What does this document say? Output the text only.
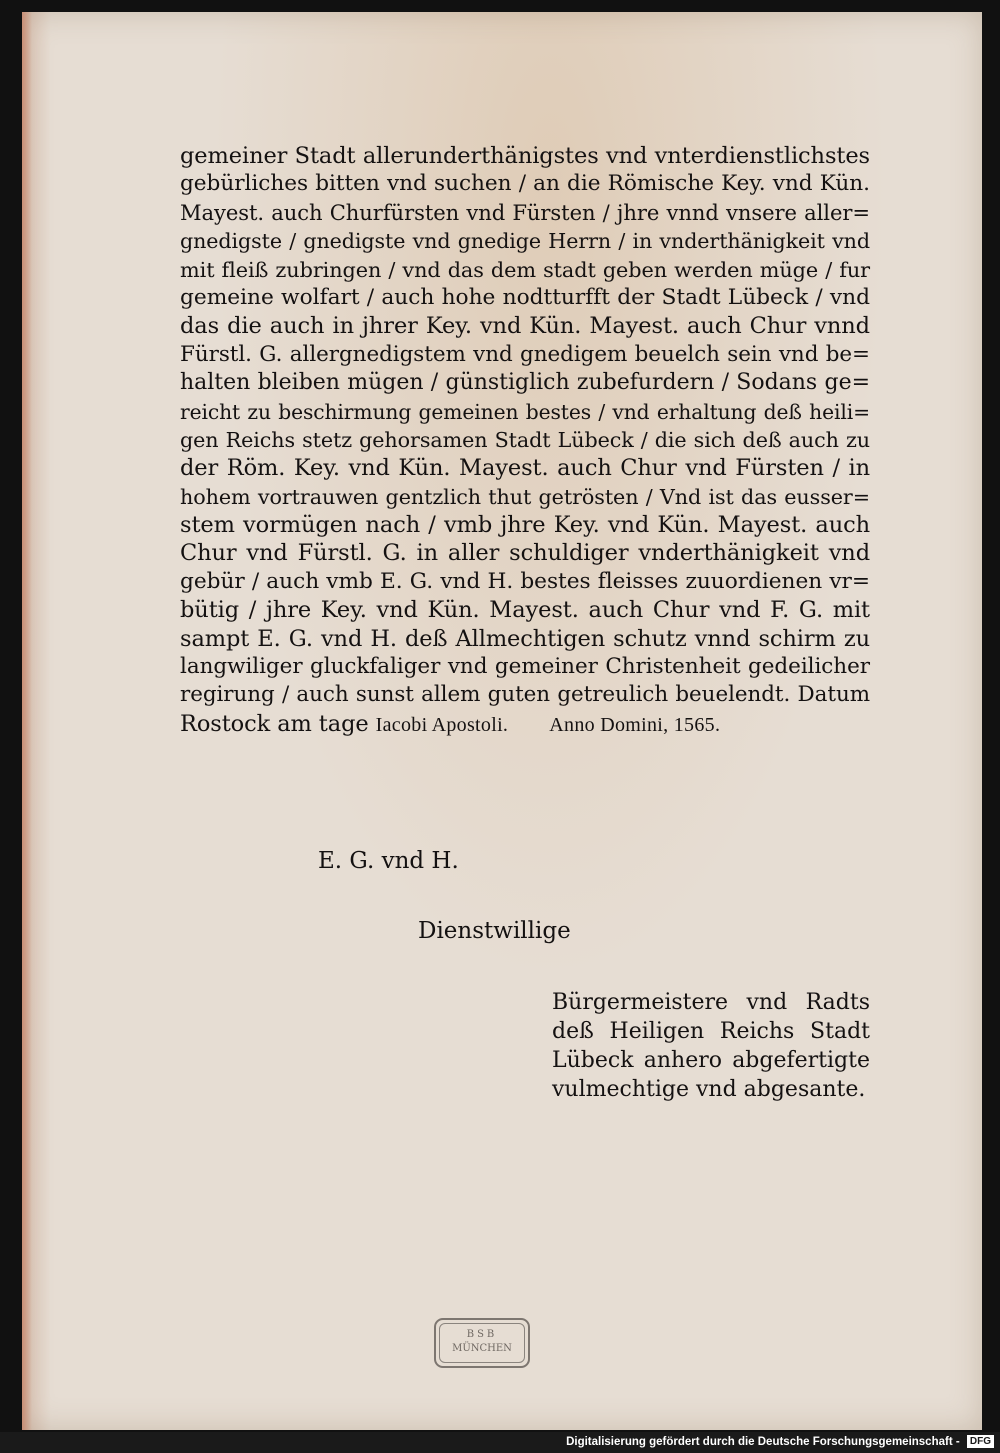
gemeiner Stadt allerunderthänigstes vnd vnterdienstlichstes
gebürliches bitten vnd suchen / an die Römische Key. vnd Kün.
Mayest. auch Churfürsten vnd Fürsten / jhre vnnd vnsere aller=
gnedigste / gnedigste vnd gnedige Herrn / in vnderthänigkeit vnd
mit fleiß zubringen / vnd das dem stadt geben werden müge / fur
gemeine wolfart / auch hohe nodtturfft der Stadt Lübeck / vnd
das die auch in jhrer Key. vnd Kün. Mayest. auch Chur vnnd
Fürstl. G. allergnedigstem vnd gnedigem beuelch sein vnd be=
halten bleiben mügen / günstiglich zubefurdern / Sodans ge=
reicht zu beschirmung gemeinen bestes / vnd erhaltung deß heili=
gen Reichs stetz gehorsamen Stadt Lübeck / die sich deß auch zu
der Röm. Key. vnd Kün. Mayest. auch Chur vnd Fürsten / in
hohem vortrauwen gentzlich thut getrösten / Vnd ist das eusser=
stem vormügen nach / vmb jhre Key. vnd Kün. Mayest. auch
Chur vnd Fürstl. G. in aller schuldiger vnderthänigkeit vnd
gebür / auch vmb E. G. vnd H. bestes fleisses zuuordienen vr=
bütig / jhre Key. vnd Kün. Mayest. auch Chur vnd F. G. mit
sampt E. G. vnd H. deß Allmechtigen schutz vnnd schirm zu
langwiliger gluckfaliger vnd gemeiner Christenheit gedeilicher
regirung / auch sunst allem guten getreulich beuelendt. Datum
Rostock am tage Iacobi Apostoli. Anno Domini, 1565.
E. G. vnd H.
Dienstwillige
Bürgermeistere vnd Radts
deß Heiligen Reichs Stadt
Lübeck anhero abgefertigte
vulmechtige vnd abgesante.
BSB
MÜNCHEN
Digitalisierung gefördert durch die Deutsche Forschungsgemeinschaft - DFG
